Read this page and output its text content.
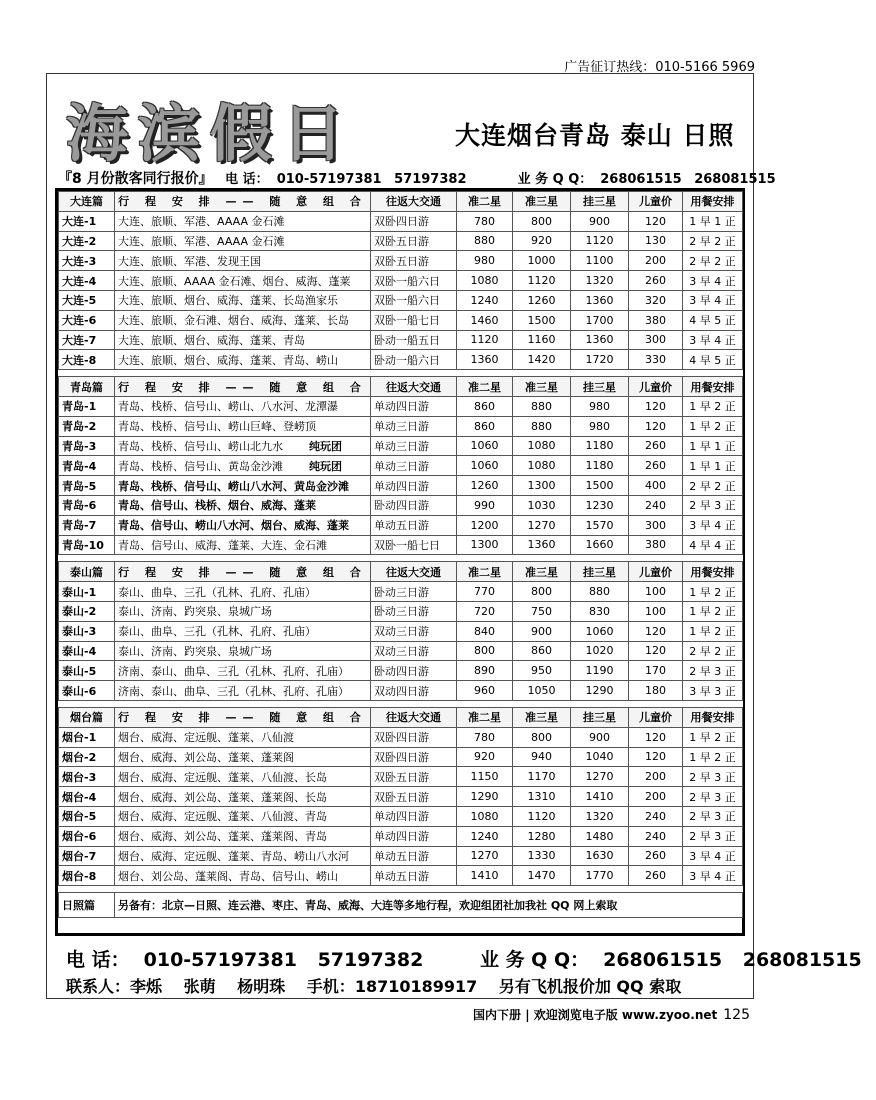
广告征订热线：010-5166 5969
海滨假日	大连烟台青岛 泰山 日照
『8 月份散客同行报价』 电 话： 010-57197381 57197382	业 务 Q Q： 268061515 268081515
大连篇	行 程 安 排 —— 随 意 组 合	往返大交通	准二星	准三星	挂三星	儿童价	用餐安排
大连-1	大连、旅顺、军港、AAAA 金石滩	双卧四日游	780	800	900	120	1 早 1 正
大连-2	大连、旅顺、军港、AAAA 金石滩	双卧五日游	880	920	1120	130	2 早 2 正
大连-3	大连、旅顺、军港、发现王国	双卧五日游	980	1000	1100	200	2 早 2 正
大连-4	大连、旅顺、AAAA 金石滩、烟台、威海、蓬莱	双卧一船六日	1080	1120	1320	260	3 早 4 正
大连-5	大连、旅顺、烟台、威海、蓬莱、长岛渔家乐	双卧一船六日	1240	1260	1360	320	3 早 4 正
大连-6	大连、旅顺、金石滩、烟台、威海、蓬莱、长岛	双卧一船七日	1460	1500	1700	380	4 早 5 正
大连-7	大连、旅顺、烟台、威海、蓬莱、青岛	卧动一船五日	1120	1160	1360	300	3 早 4 正
大连-8	大连、旅顺、烟台、威海、蓬莱、青岛、崂山	卧动一船六日	1360	1420	1720	330	4 早 5 正

青岛篇	行 程 安 排 —— 随 意 组 合	往返大交通	准二星	准三星	挂三星	儿童价	用餐安排
青岛-1	青岛、栈桥、信号山、崂山、八水河、龙潭瀑	单动四日游	860	880	980	120	1 早 2 正
青岛-2	青岛、栈桥、信号山、崂山巨峰、登崂顶	单动三日游	860	880	980	120	1 早 2 正
青岛-3	青岛、栈桥、信号山、崂山北九水 纯玩团	单动三日游	1060	1080	1180	260	1 早 1 正
青岛-4	青岛、栈桥、信号山、黄岛金沙滩 纯玩团	单动三日游	1060	1080	1180	260	1 早 1 正
青岛-5	青岛、栈桥、信号山、崂山八水河、黄岛金沙滩	单动四日游	1260	1300	1500	400	2 早 2 正
青岛-6	青岛、信号山、栈桥、烟台、威海、蓬莱	卧动四日游	990	1030	1230	240	2 早 3 正
青岛-7	青岛、信号山、崂山八水河、烟台、威海、蓬莱	单动五日游	1200	1270	1570	300	3 早 4 正
青岛-10	青岛、信号山、威海、蓬莱、大连、金石滩	双卧一船七日	1300	1360	1660	380	4 早 4 正

泰山篇	行 程 安 排 —— 随 意 组 合	往返大交通	准二星	准三星	挂三星	儿童价	用餐安排
泰山-1	泰山、曲阜、三孔（孔林、孔府、孔庙）	卧动三日游	770	800	880	100	1 早 2 正
泰山-2	泰山、济南、趵突泉、泉城广场	卧动三日游	720	750	830	100	1 早 2 正
泰山-3	泰山、曲阜、三孔（孔林、孔府、孔庙）	双动三日游	840	900	1060	120	1 早 2 正
泰山-4	泰山、济南、趵突泉、泉城广场	双动三日游	800	860	1020	120	2 早 2 正
泰山-5	济南、泰山、曲阜、三孔（孔林、孔府、孔庙）	卧动四日游	890	950	1190	170	2 早 3 正
泰山-6	济南、泰山、曲阜、三孔（孔林、孔府、孔庙）	双动四日游	960	1050	1290	180	3 早 3 正

烟台篇	行 程 安 排 —— 随 意 组 合	往返大交通	准二星	准三星	挂三星	儿童价	用餐安排
烟台-1	烟台、威海、定远舰、蓬莱、八仙渡	双卧四日游	780	800	900	120	1 早 2 正
烟台-2	烟台、威海、刘公岛、蓬莱、蓬莱阁	双卧四日游	920	940	1040	120	1 早 2 正
烟台-3	烟台、威海、定远舰、蓬莱、八仙渡、长岛	双卧五日游	1150	1170	1270	200	2 早 3 正
烟台-4	烟台、威海、刘公岛、蓬莱、蓬莱阁、长岛	双卧五日游	1290	1310	1410	200	2 早 3 正
烟台-5	烟台、威海、定远舰、蓬莱、八仙渡、青岛	单动四日游	1080	1120	1320	240	2 早 3 正
烟台-6	烟台、威海、刘公岛、蓬莱、蓬莱阁、青岛	单动四日游	1240	1280	1480	240	2 早 3 正
烟台-7	烟台、威海、定远舰、蓬莱、青岛、崂山八水河	单动五日游	1270	1330	1630	260	3 早 4 正
烟台-8	烟台、刘公岛、蓬莱阁、青岛、信号山、崂山	单动五日游	1410	1470	1770	260	3 早 4 正

日照篇	另备有：北京—日照、连云港、枣庄、青岛、威海、大连等多地行程，欢迎组团社加我社 QQ 网上索取						
电 话： 010-57197381 57197382	业 务 Q Q： 268061515 268081515
联系人：李烁 张萌 杨明珠 手机：18710189917 另有飞机报价加 QQ 索取
国内下册 | 欢迎浏览电子版 www.zyoo.net 125
